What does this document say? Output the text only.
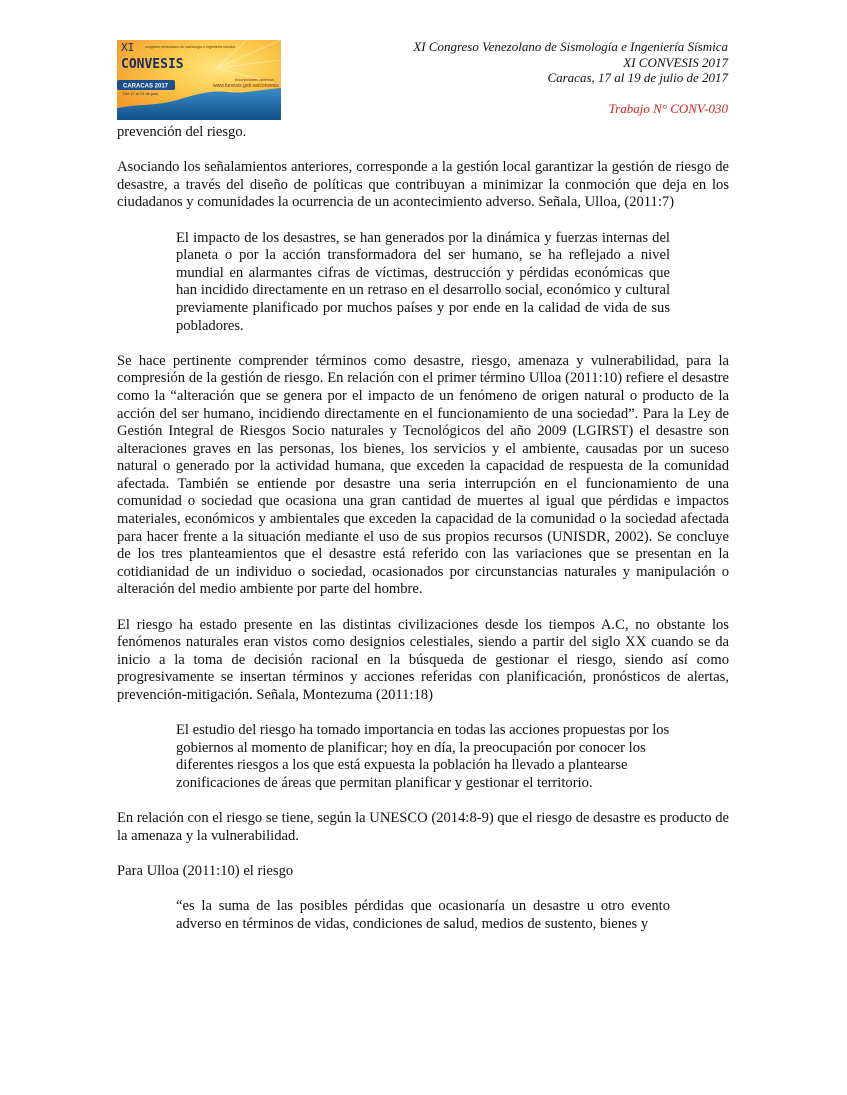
XI
CONVESIS
congreso venezolano de sismología e ingeniería sísmica
CARACAS 2017
Del 17 al 19 de julio
Inscripciones abiertas
www.funvisis.gob.ve/convesis
XI Congreso Venezolano de Sismología e Ingeniería Sísmica
XI CONVESIS 2017
Caracas, 17 al 19 de julio de 2017
Trabajo N° CONV-030

prevención del riesgo.

Asociando los señalamientos anteriores, corresponde a la gestión local garantizar la gestión de riesgo de desastre, a través del diseño de políticas que contribuyan a minimizar la conmoción que deja en los ciudadanos y comunidades la ocurrencia de un acontecimiento adverso. Señala, Ulloa, (2011:7)

El impacto de los desastres, se han generados por la dinámica y fuerzas internas del planeta o por la acción transformadora del ser humano, se ha reflejado a nivel mundial en alarmantes cifras de víctimas, destrucción y pérdidas económicas que han incidido directamente en un retraso en el desarrollo social, económico y cultural previamente planificado por muchos países y por ende en la calidad de vida de sus pobladores.

Se hace pertinente comprender términos como desastre, riesgo, amenaza y vulnerabilidad, para la compresión de la gestión de riesgo. En relación con el primer término Ulloa (2011:10) refiere el desastre como la “alteración que se genera por el impacto de un fenómeno de origen natural o producto de la acción del ser humano, incidiendo directamente en el funcionamiento de una sociedad”. Para la Ley de Gestión Integral de Riesgos Socio naturales y Tecnológicos del año 2009 (LGIRST) el desastre son alteraciones graves en las personas, los bienes, los servicios y el ambiente, causadas por un suceso natural o generado por la actividad humana, que exceden la capacidad de respuesta de la comunidad afectada. También se entiende por desastre una seria interrupción en el funcionamiento de una comunidad o sociedad que ocasiona una gran cantidad de muertes al igual que pérdidas e impactos materiales, económicos y ambientales que exceden la capacidad de la comunidad o la sociedad afectada para hacer frente a la situación mediante el uso de sus propios recursos (UNISDR, 2002). Se concluye de los tres planteamientos que el desastre está referido con las variaciones que se presentan en la cotidianidad de un individuo o sociedad, ocasionados por circunstancias naturales y manipulación o alteración del medio ambiente por parte del hombre.

El riesgo ha estado presente en las distintas civilizaciones desde los tiempos A.C, no obstante los fenómenos naturales eran vistos como designios celestiales, siendo a partir del siglo XX cuando se da inicio a la toma de decisión racional en la búsqueda de gestionar el riesgo, siendo así como progresivamente se insertan términos y acciones referidas con planificación, pronósticos de alertas, prevención-mitigación. Señala, Montezuma (2011:18)

El estudio del riesgo ha tomado importancia en todas las acciones propuestas por los gobiernos al momento de planificar; hoy en día, la preocupación por conocer los diferentes riesgos a los que está expuesta la población ha llevado a plantearse zonificaciones de áreas que permitan planificar y gestionar el territorio.

En relación con el riesgo se tiene, según la UNESCO (2014:8-9) que el riesgo de desastre es producto de la amenaza y la vulnerabilidad.

Para Ulloa (2011:10) el riesgo

“es la suma de las posibles pérdidas que ocasionaría un desastre u otro evento adverso en términos de vidas, condiciones de salud, medios de sustento, bienes y
